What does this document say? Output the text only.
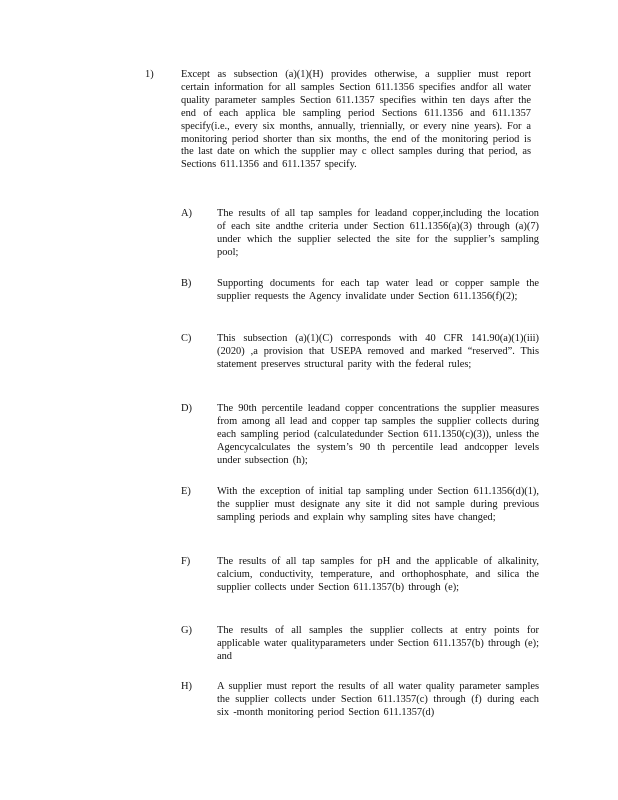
1)	Except as subsection (a)(1)(H) provides otherwise, a supplier must report certain information for all samples Section 611.1356 specifies andfor all water quality parameter samples Section 611.1357 specifies within ten days after the end of each applica ble sampling period Sections 611.1356 and 611.1357 specify(i.e., every six months, annually, triennially, or every nine years). For a monitoring period shorter than six months, the end of the monitoring period is the last date on which the supplier may c ollect samples during that period, as Sections 611.1356 and 611.1357 specify.
A) The results of all tap samples for leadand copper,including the location of each site andthe criteria under Section 611.1356(a)(3) through (a)(7) under which the supplier selected the site for the supplier’s sampling pool;
B) Supporting documents for each tap water lead or copper sample the supplier requests the Agency invalidate under Section 611.1356(f)(2);
C) This subsection (a)(1)(C) corresponds with 40 CFR 141.90(a)(1)(iii) (2020) ,a provision that USEPA removed and marked “reserved”. This statement preserves structural parity with the federal rules;
D) The 90th percentile leadand copper concentrations the supplier measures from among all lead and copper tap samples the supplier collects during each sampling period (calculatedunder Section 611.1350(c)(3)), unless the Agencycalculates the system’s 90 th percentile lead andcopper levels under subsection (h);
E)	With the exception of initial tap sampling under Section 611.1356(d)(1), the supplier must designate any site it did not sample during previous sampling periods and explain why sampling sites have changed;
F)	The results of all tap samples for pH and the applicable of alkalinity, calcium, conductivity, temperature, and orthophosphate, and silica the supplier collects under Section 611.1357(b) through (e);
G) The results of all samples the supplier collects at entry points for applicable water qualityparameters under Section 611.1357(b) through (e); and
H) A supplier must report the results of all water quality parameter samples the supplier collects under Section 611.1357(c) through (f) during each six -month monitoring period Section 611.1357(d)
